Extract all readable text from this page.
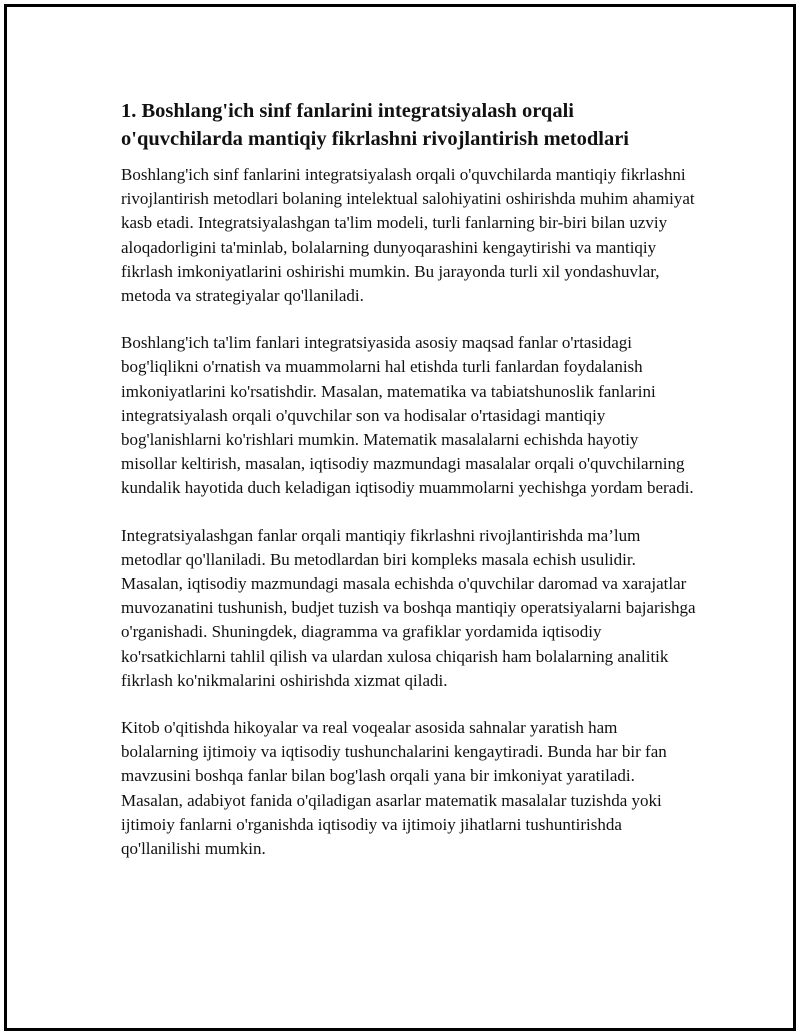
1. Boshlang'ich sinf fanlarini integratsiyalash orqali o'quvchilarda mantiqiy fikrlashni rivojlantirish metodlari

Boshlang'ich sinf fanlarini integratsiyalash orqali o'quvchilarda mantiqiy fikrlashni rivojlantirish metodlari bolaning intelektual salohiyatini oshirishda muhim ahamiyat kasb etadi. Integratsiyalashgan ta'lim modeli, turli fanlarning bir-biri bilan uzviy aloqadorligini ta'minlab, bolalarning dunyoqarashini kengaytirishi va mantiqiy fikrlash imkoniyatlarini oshirishi mumkin. Bu jarayonda turli xil yondashuvlar, metoda va strategiyalar qo'llaniladi.

Boshlang'ich ta'lim fanlari integratsiyasida asosiy maqsad fanlar o'rtasidagi bog'liqlikni o'rnatish va muammolarni hal etishda turli fanlardan foydalanish imkoniyatlarini ko'rsatishdir. Masalan, matematika va tabiatshunoslik fanlarini integratsiyalash orqali o'quvchilar son va hodisalar o'rtasidagi mantiqiy bog'lanishlarni ko'rishlari mumkin. Matematik masalalarni echishda hayotiy misollar keltirish, masalan, iqtisodiy mazmundagi masalalar orqali o'quvchilarning kundalik hayotida duch keladigan iqtisodiy muammolarni yechishga yordam beradi.

Integratsiyalashgan fanlar orqali mantiqiy fikrlashni rivojlantirishda ma’lum metodlar qo'llaniladi. Bu metodlardan biri kompleks masala echish usulidir. Masalan, iqtisodiy mazmundagi masala echishda o'quvchilar daromad va xarajatlar muvozanatini tushunish, budjet tuzish va boshqa mantiqiy operatsiyalarni bajarishga o'rganishadi. Shuningdek, diagramma va grafiklar yordamida iqtisodiy ko'rsatkichlarni tahlil qilish va ulardan xulosa chiqarish ham bolalarning analitik fikrlash ko'nikmalarini oshirishda xizmat qiladi.

Kitob o'qitishda hikoyalar va real voqealar asosida sahnalar yaratish ham bolalarning ijtimoiy va iqtisodiy tushunchalarini kengaytiradi. Bunda har bir fan mavzusini boshqa fanlar bilan bog'lash orqali yana bir imkoniyat yaratiladi. Masalan, adabiyot fanida o'qiladigan asarlar matematik masalalar tuzishda yoki ijtimoiy fanlarni o'rganishda iqtisodiy va ijtimoiy jihatlarni tushuntirishda qo'llanilishi mumkin.
